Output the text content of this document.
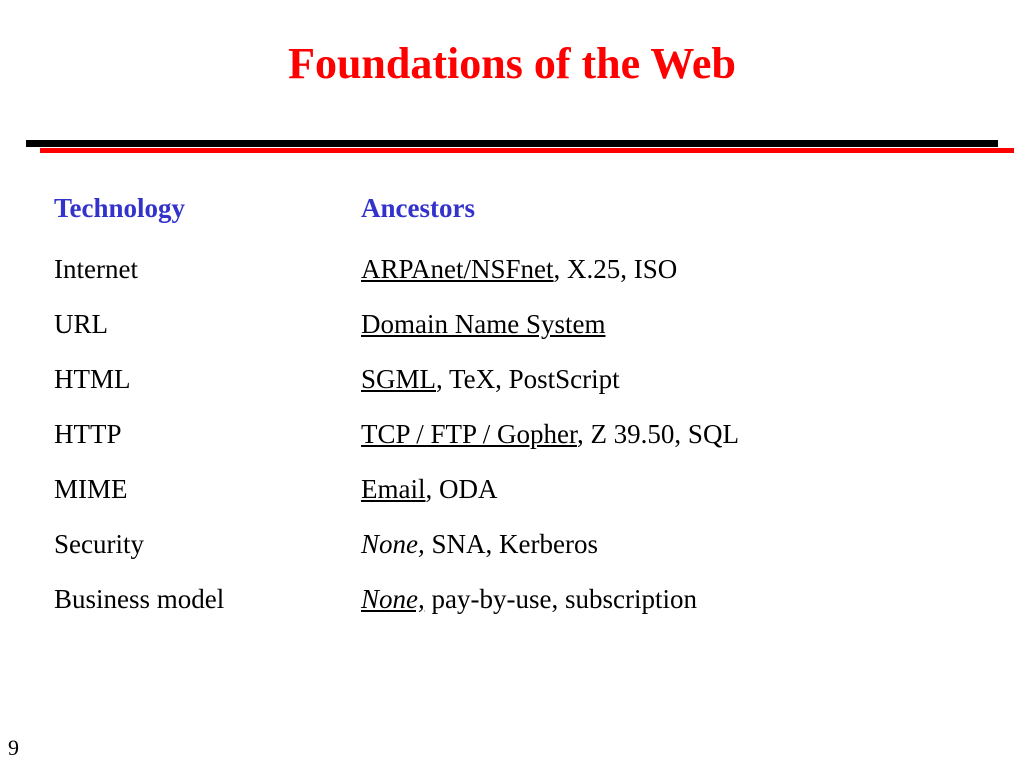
Foundations of the Web
Technology	Ancestors
Internet	ARPAnet/NSFnet, X.25, ISO
URL	Domain Name System
HTML	SGML, TeX, PostScript
HTTP	TCP / FTP / Gopher, Z 39.50, SQL
MIME	Email, ODA
Security	None, SNA, Kerberos
Business model	None, pay-by-use, subscription
9
